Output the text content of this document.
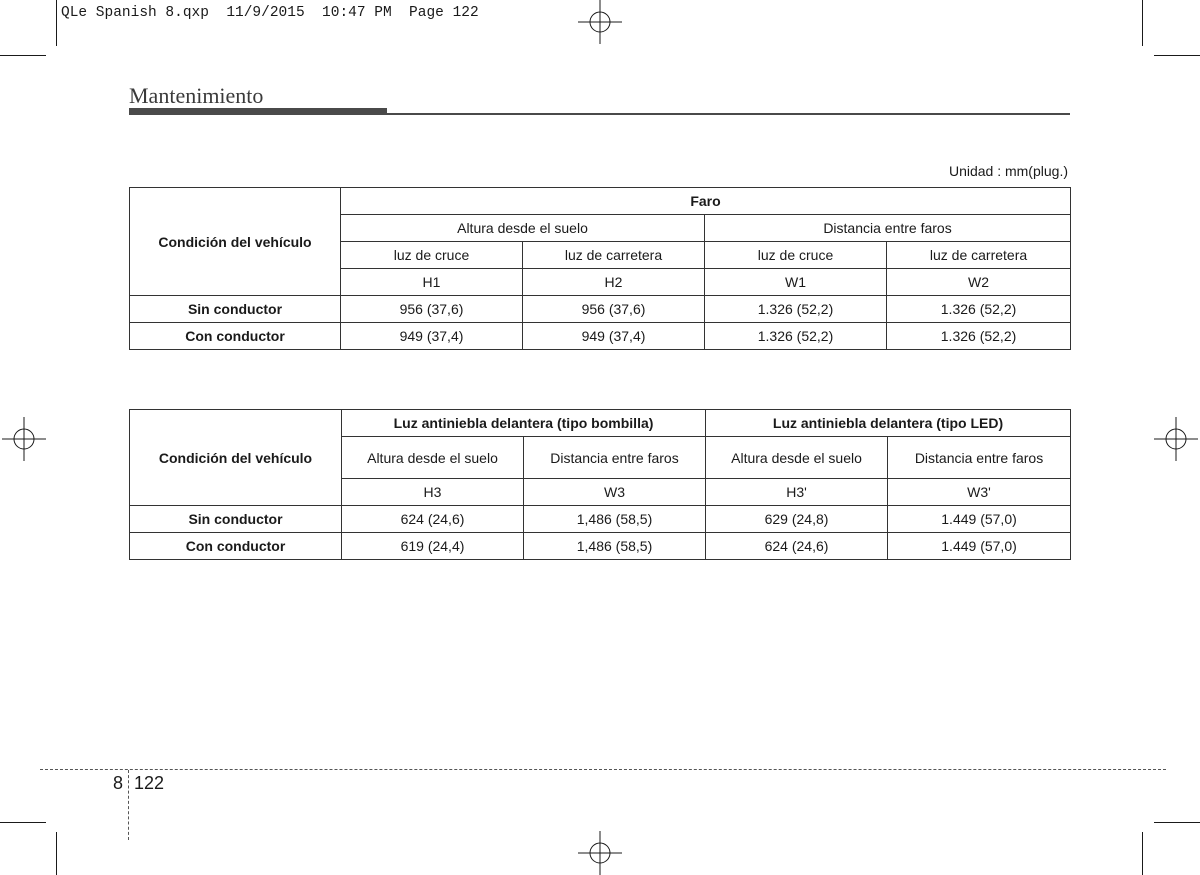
QLe Spanish 8.qxp  11/9/2015  10:47 PM  Page 122
Mantenimiento
Unidad : mm(plug.)
Condición del vehículo	Faro			
	Altura desde el suelo		Distancia entre faros	
	luz de cruce	luz de carretera	luz de cruce	luz de carretera
	H1	H2	W1	W2
Sin conductor	956 (37,6)	956 (37,6)	1.326 (52,2)	1.326 (52,2)
Con conductor	949 (37,4)	949 (37,4)	1.326 (52,2)	1.326 (52,2)
Condición del vehículo	Luz antiniebla delantera (tipo bombilla)		Luz antiniebla delantera (tipo LED)	
	Altura desde el suelo	Distancia entre faros	Altura desde el suelo	Distancia entre faros
	H3	W3	H3'	W3'
Sin conductor	624 (24,6)	1,486 (58,5)	629 (24,8)	1.449 (57,0)
Con conductor	619 (24,4)	1,486 (58,5)	624 (24,6)	1.449 (57,0)
8 122
